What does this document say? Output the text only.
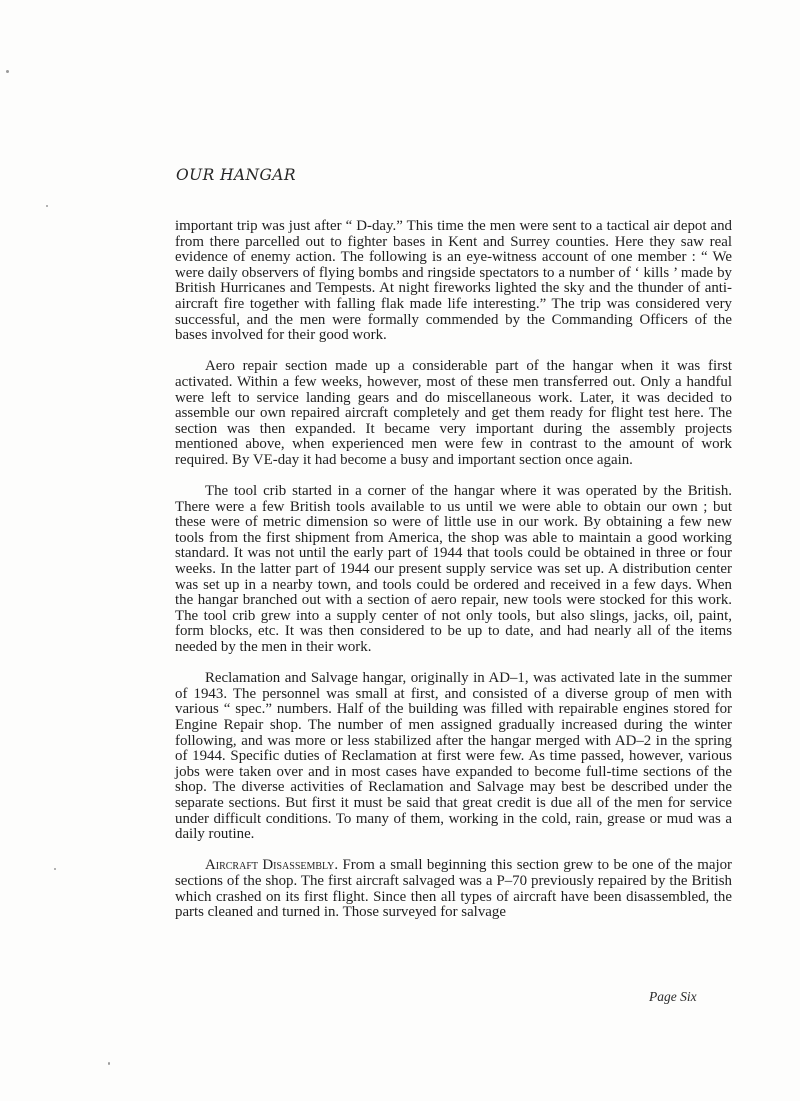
OUR HANGAR

important trip was just after “ D-day.” This time the men were sent to a tactical air depot and from there parcelled out to fighter bases in Kent and Surrey counties. Here they saw real evidence of enemy action. The following is an eye-witness account of one member : “ We were daily observers of flying bombs and ringside spectators to a number of ‘ kills ’ made by British Hurricanes and Tempests. At night fireworks lighted the sky and the thunder of anti-aircraft fire together with falling flak made life interesting.” The trip was considered very successful, and the men were formally commended by the Commanding Officers of the bases involved for their good work.

Aero repair section made up a considerable part of the hangar when it was first activated. Within a few weeks, however, most of these men transferred out. Only a handful were left to service landing gears and do miscellaneous work. Later, it was decided to assemble our own repaired aircraft completely and get them ready for flight test here. The section was then expanded. It became very important during the assembly projects mentioned above, when experienced men were few in contrast to the amount of work required. By VE-day it had become a busy and important section once again.

The tool crib started in a corner of the hangar where it was operated by the British. There were a few British tools available to us until we were able to obtain our own ; but these were of metric dimension so were of little use in our work. By obtaining a few new tools from the first shipment from America, the shop was able to maintain a good working standard. It was not until the early part of 1944 that tools could be obtained in three or four weeks. In the latter part of 1944 our present supply service was set up. A distribution center was set up in a nearby town, and tools could be ordered and received in a few days. When the hangar branched out with a section of aero repair, new tools were stocked for this work. The tool crib grew into a supply center of not only tools, but also slings, jacks, oil, paint, form blocks, etc. It was then considered to be up to date, and had nearly all of the items needed by the men in their work.

Reclamation and Salvage hangar, originally in AD–1, was activated late in the summer of 1943. The personnel was small at first, and consisted of a diverse group of men with various “ spec.” numbers. Half of the building was filled with repairable engines stored for Engine Repair shop. The number of men assigned gradually increased during the winter following, and was more or less stabilized after the hangar merged with AD–2 in the spring of 1944. Specific duties of Reclamation at first were few. As time passed, however, various jobs were taken over and in most cases have expanded to become full-time sections of the shop. The diverse activities of Reclamation and Salvage may best be described under the separate sections. But first it must be said that great credit is due all of the men for service under difficult conditions. To many of them, working in the cold, rain, grease or mud was a daily routine.

Aircraft Disassembly. From a small beginning this section grew to be one of the major sections of the shop. The first aircraft salvaged was a P–70 previously repaired by the British which crashed on its first flight. Since then all types of aircraft have been disassembled, the parts cleaned and turned in. Those surveyed for salvage

Page Six
